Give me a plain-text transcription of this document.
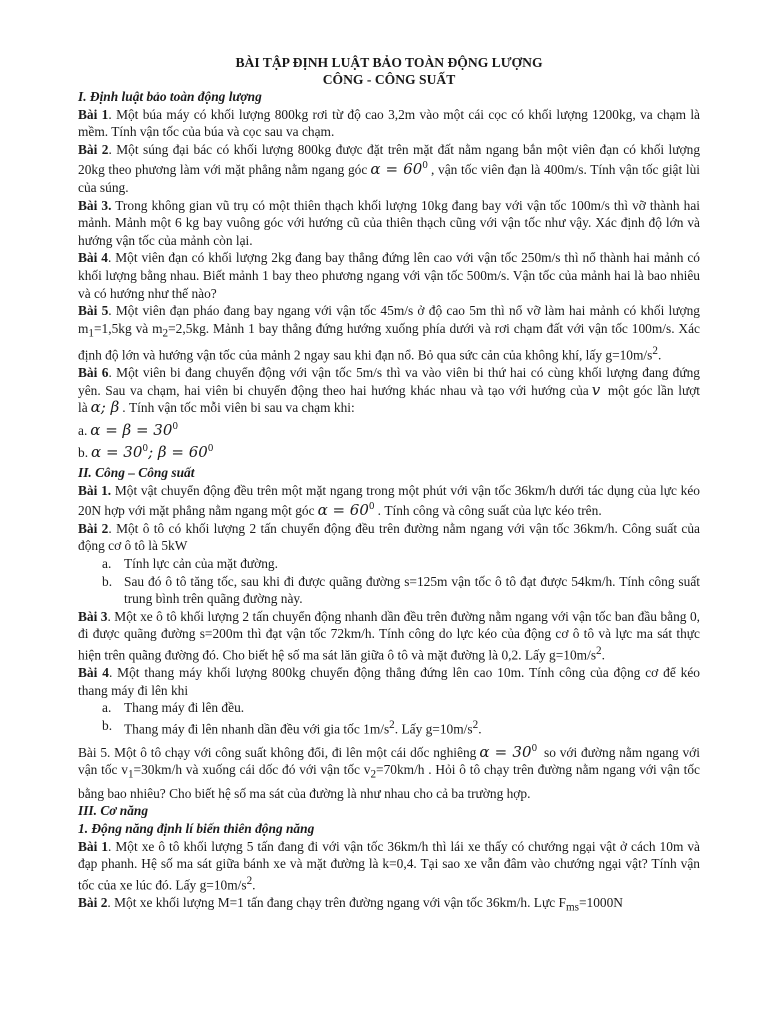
BÀI TẬP ĐỊNH LUẬT BẢO TOÀN ĐỘNG LƯỢNG
CÔNG - CÔNG SUẤT

I. Định luật bảo toàn động lượng

Bài 1. Một búa máy có khối lượng 800kg rơi từ độ cao 3,2m vào một cái cọc có khối lượng 1200kg, va chạm là mềm. Tính vận tốc của búa và cọc sau va chạm.

Bài 2. Một súng đại bác có khối lượng 800kg được đặt trên mặt đất nằm ngang bắn một viên đạn có khối lượng 20kg theo phương làm với mặt phẳng nằm ngang góc $\alpha = 60^0$ , vận tốc viên đạn là 400m/s. Tính vận tốc giật lùi của súng.

Bài 3. Trong không gian vũ trụ có một thiên thạch khối lượng 10kg đang bay với vận tốc 100m/s thì vỡ thành hai mảnh. Mảnh một 6 kg bay vuông góc với hướng cũ của thiên thạch cũng với vận tốc như vậy. Xác định độ lớn và hướng vận tốc của mảnh còn lại.

Bài 4. Một viên đạn có khối lượng 2kg đang bay thẳng đứng lên cao với vận tốc 250m/s thì nổ thành hai mảnh có khối lượng bằng nhau. Biết mảnh 1 bay theo phương ngang với vận tốc 500m/s. Vận tốc của mảnh hai là bao nhiêu và có hướng như thế nào?

Bài 5. Một viên đạn pháo đang bay ngang với vận tốc 45m/s ở độ cao 5m thì nổ vỡ làm hai mảnh có khối lượng $m_1=1,5kg$ và $m_2=2,5kg$. Mảnh 1 bay thẳng đứng hướng xuống phía dưới và rơi chạm đất với vận tốc 100m/s. Xác định độ lớn và hướng vận tốc của mảnh 2 ngay sau khi đạn nổ. Bỏ qua sức cản của không khí, lấy $g=10m/s^2$.

Bài 6. Một viên bi đang chuyển động với vận tốc 5m/s thì va vào viên bi thứ hai có cùng khối lượng đang đứng yên. Sau va chạm, hai viên bi chuyển động theo hai hướng khác nhau và tạo với hướng của v một góc lần lượt là α; β . Tính vận tốc mỗi viên bi sau va chạm khi:

a. $\alpha = \beta = 30^0$

b. $\alpha = 30^0$; $\beta = 60^0$

II. Công – Công suất

Bài 1. Một vật chuyển động đều trên một mặt ngang trong một phút với vận tốc 36km/h dưới tác dụng của lực kéo 20N hợp với mặt phẳng nằm ngang một góc $\alpha = 60^0$ . Tính công và công suất của lực kéo trên.

Bài 2. Một ô tô có khối lượng 2 tấn chuyển động đều trên đường nằm ngang với vận tốc 36km/h. Công suất của động cơ ô tô là 5kW

a. Tính lực cản của mặt đường.
b. Sau đó ô tô tăng tốc, sau khi đi được quãng đường s=125m vận tốc ô tô đạt được 54km/h. Tính công suất trung bình trên quãng đường này.

Bài 3. Một xe ô tô khối lượng 2 tấn chuyển động nhanh dần đều trên đường nằm ngang với vận tốc ban đầu bằng 0, đi được quãng đường s=200m thì đạt vận tốc 72km/h. Tính công do lực kéo của động cơ ô tô và lực ma sát thực hiện trên quãng đường đó. Cho biết hệ số ma sát lăn giữa ô tô và mặt đường là 0,2. Lấy $g=10m/s^2$.

Bài 4. Một thang máy khối lượng 800kg chuyển động thẳng đứng lên cao 10m. Tính công của động cơ để kéo thang máy đi lên khi

a. Thang máy đi lên đều.
b. Thang máy đi lên nhanh dần đều với gia tốc $1m/s^2$. Lấy $g=10m/s^2$.

Bài 5. Một ô tô chạy với công suất không đổi, đi lên một cái dốc nghiêng $\alpha = 30^0$ so với đường nằm ngang với vận tốc $v_1=30km/h$ và xuống cái dốc đó với vận tốc $v_2=70km/h$ . Hỏi ô tô chạy trên đường nằm ngang với vận tốc bằng bao nhiêu? Cho biết hệ số ma sát của đường là như nhau cho cả ba trường hợp.

III. Cơ năng

1. Động năng định lí biến thiên động năng

Bài 1. Một xe ô tô khối lượng 5 tấn đang đi với vận tốc 36km/h thì lái xe thấy có chướng ngại vật ở cách 10m và đạp phanh. Hệ số ma sát giữa bánh xe và mặt đường là k=0,4. Tại sao xe vẫn đâm vào chướng ngại vật? Tính vận tốc của xe lúc đó. Lấy $g=10m/s^2$.

Bài 2. Một xe khối lượng M=1 tấn đang chạy trên đường ngang với vận tốc 36km/h. Lực $F_{ms}=1000N$
